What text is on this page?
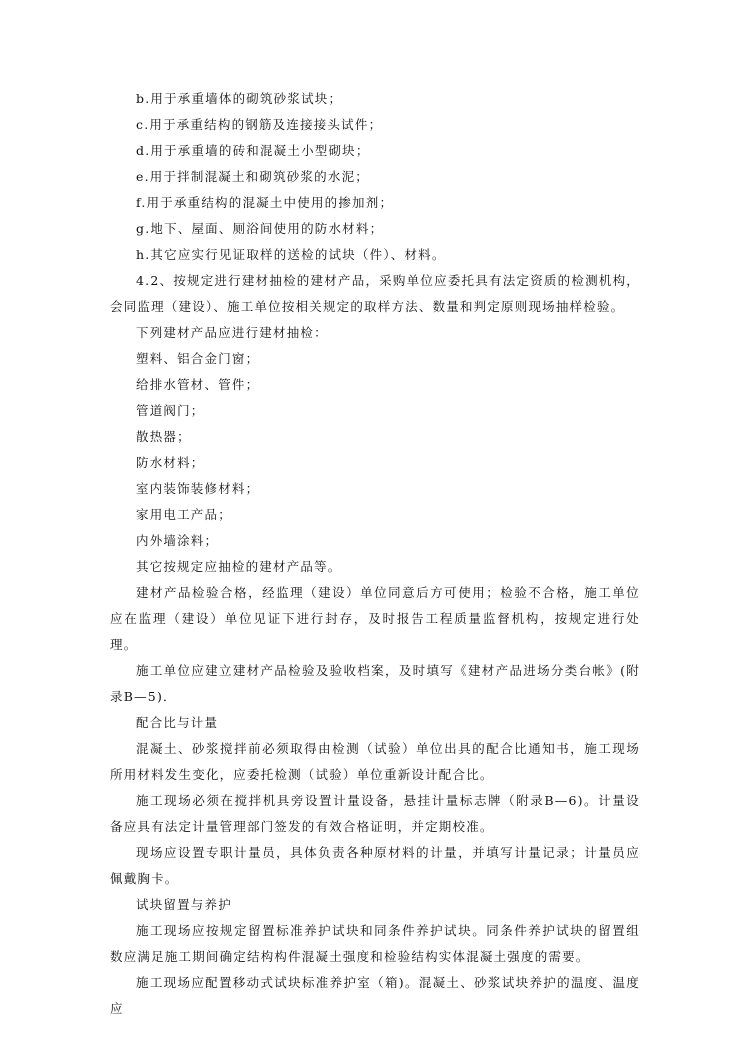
b.用于承重墙体的砌筑砂浆试块；

c.用于承重结构的钢筋及连接接头试件；

d.用于承重墙的砖和混凝土小型砌块；

e.用于拌制混凝土和砌筑砂浆的水泥；

f.用于承重结构的混凝土中使用的掺加剂；

g.地下、屋面、厕浴间使用的防水材料；

h.其它应实行见证取样的送检的试块（件）、材料。

4.2、按规定进行建材抽检的建材产品，采购单位应委托具有法定资质的检测机构，会同监理（建设）、施工单位按相关规定的取样方法、数量和判定原则现场抽样检验。

下列建材产品应进行建材抽检：

塑料、铝合金门窗；

给排水管材、管件；

管道阀门；

散热器；

防水材料；

室内装饰装修材料；

家用电工产品；

内外墙涂料；

其它按规定应抽检的建材产品等。

建材产品检验合格，经监理（建设）单位同意后方可使用；检验不合格，施工单位应在监理（建设）单位见证下进行封存，及时报告工程质量监督机构，按规定进行处理。

施工单位应建立建材产品检验及验收档案，及时填写《建材产品进场分类台帐》(附录B—5)．

配合比与计量

混凝土、砂浆搅拌前必须取得由检测（试验）单位出具的配合比通知书，施工现场所用材料发生变化，应委托检测（试验）单位重新设计配合比。

施工现场必须在搅拌机具旁设置计量设备，悬挂计量标志牌（附录B—6)。计量设备应具有法定计量管理部门签发的有效合格证明，并定期校准。

现场应设置专职计量员，具体负责各种原材料的计量，并填写计量记录；计量员应佩戴胸卡。

试块留置与养护

施工现场应按规定留置标准养护试块和同条件养护试块。同条件养护试块的留置组数应满足施工期间确定结构构件混凝土强度和检验结构实体混凝土强度的需要。

施工现场应配置移动式试块标准养护室（箱)。混凝土、砂浆试块养护的温度、温度应
